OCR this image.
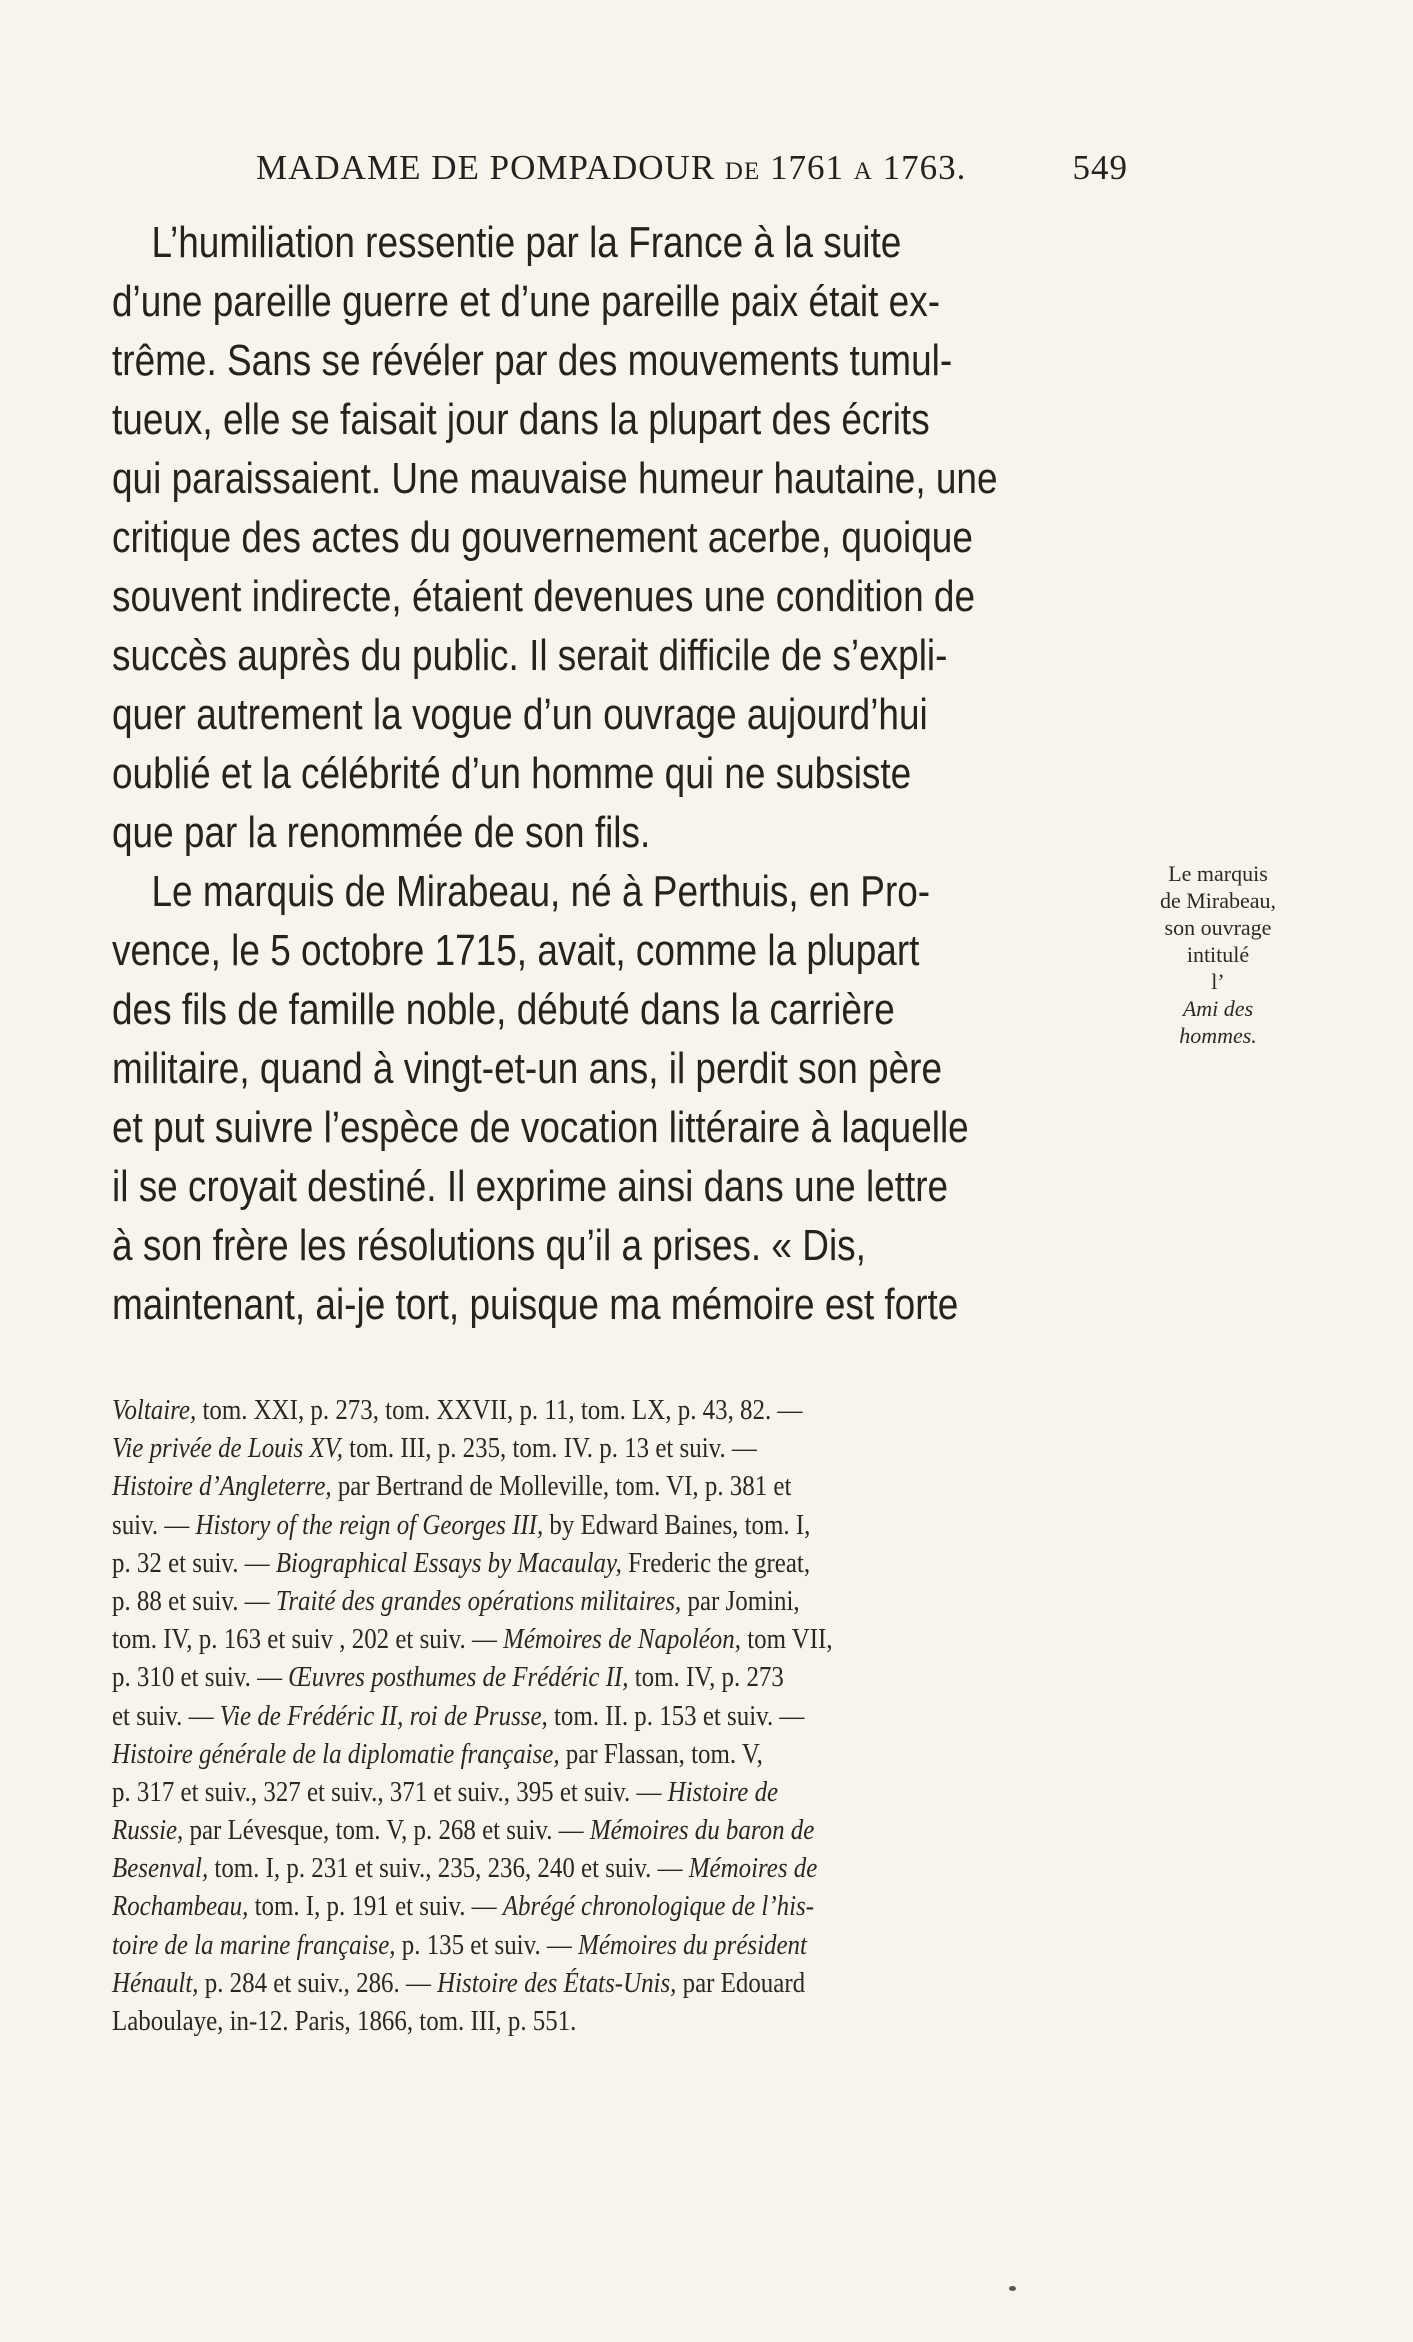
MADAME DE POMPADOUR DE 1761 A 1763.	549
L’humiliation ressentie par la France à la suite
d’une pareille guerre et d’une pareille paix était ex-
trême. Sans se révéler par des mouvements tumul-
tueux, elle se faisait jour dans la plupart des écrits
qui paraissaient. Une mauvaise humeur hautaine, une
critique des actes du gouvernement acerbe, quoique
souvent indirecte, étaient devenues une condition de
succès auprès du public. Il serait difficile de s’expli-
quer autrement la vogue d’un ouvrage aujourd’hui
oublié et la célébrité d’un homme qui ne subsiste
que par la renommée de son fils.
Le marquis de Mirabeau, né à Perthuis, en Pro-
vence, le 5 octobre 1715, avait, comme la plupart
des fils de famille noble, débuté dans la carrière
militaire, quand à vingt-et-un ans, il perdit son père
et put suivre l’espèce de vocation littéraire à laquelle
il se croyait destiné. Il exprime ainsi dans une lettre
à son frère les résolutions qu’il a prises. « Dis,
maintenant, ai-je tort, puisque ma mémoire est forte
Le marquis
de Mirabeau,
son ouvrage
intitulé
l’
Ami des
hommes.
Voltaire, tom. XXI, p. 273, tom. XXVII, p. 11, tom. LX, p. 43, 82. —
Vie privée de Louis XV, tom. III, p. 235, tom. IV. p. 13 et suiv. —
Histoire d’Angleterre, par Bertrand de Molleville, tom. VI, p. 381 et
suiv. — History of the reign of Georges III, by Edward Baines, tom. I,
p. 32 et suiv. — Biographical Essays by Macaulay, Frederic the great,
p. 88 et suiv. — Traité des grandes opérations militaires, par Jomini,
tom. IV, p. 163 et suiv , 202 et suiv. — Mémoires de Napoléon, tom VII,
p. 310 et suiv. — Œuvres posthumes de Frédéric II, tom. IV, p. 273
et suiv. — Vie de Frédéric II, roi de Prusse, tom. II. p. 153 et suiv. —
Histoire générale de la diplomatie française, par Flassan, tom. V,
p. 317 et suiv., 327 et suiv., 371 et suiv., 395 et suiv. — Histoire de
Russie, par Lévesque, tom. V, p. 268 et suiv. — Mémoires du baron de
Besenval, tom. I, p. 231 et suiv., 235, 236, 240 et suiv. — Mémoires de
Rochambeau, tom. I, p. 191 et suiv. — Abrégé chronologique de l’his-
toire de la marine française, p. 135 et suiv. — Mémoires du président
Hénault, p. 284 et suiv., 286. — Histoire des États-Unis, par Edouard
Laboulaye, in-12. Paris, 1866, tom. III, p. 551.
